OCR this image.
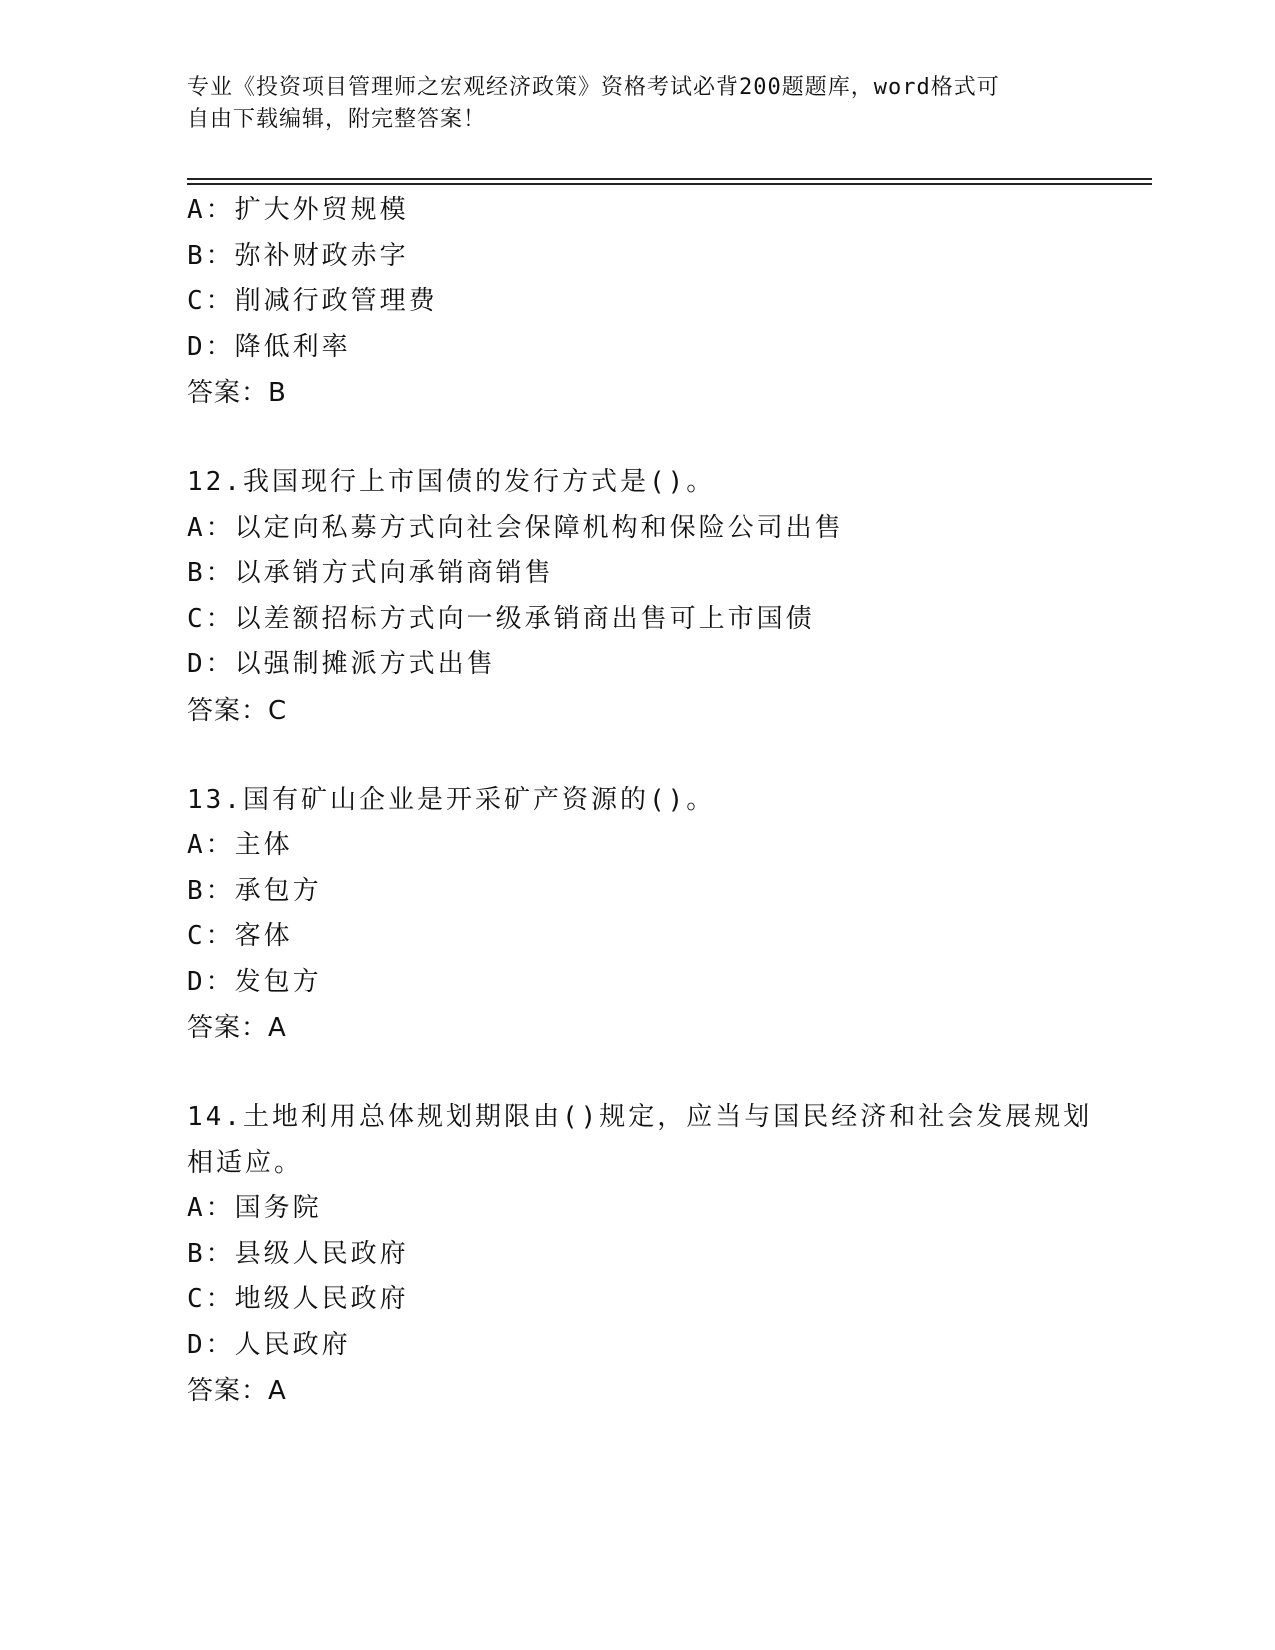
专业《投资项目管理师之宏观经济政策》资格考试必背200题题库，word格式可
自由下载编辑，附完整答案！
A：扩大外贸规模
B：弥补财政赤字
C：削减行政管理费
D：降低利率
答案：B
12.我国现行上市国债的发行方式是()。
A：以定向私募方式向社会保障机构和保险公司出售
B：以承销方式向承销商销售
C：以差额招标方式向一级承销商出售可上市国债
D：以强制摊派方式出售
答案：C
13.国有矿山企业是开采矿产资源的()。
A：主体
B：承包方
C：客体
D：发包方
答案：A
14.土地利用总体规划期限由()规定，应当与国民经济和社会发展规划
相适应。
A：国务院
B：县级人民政府
C：地级人民政府
D：人民政府
答案：A
